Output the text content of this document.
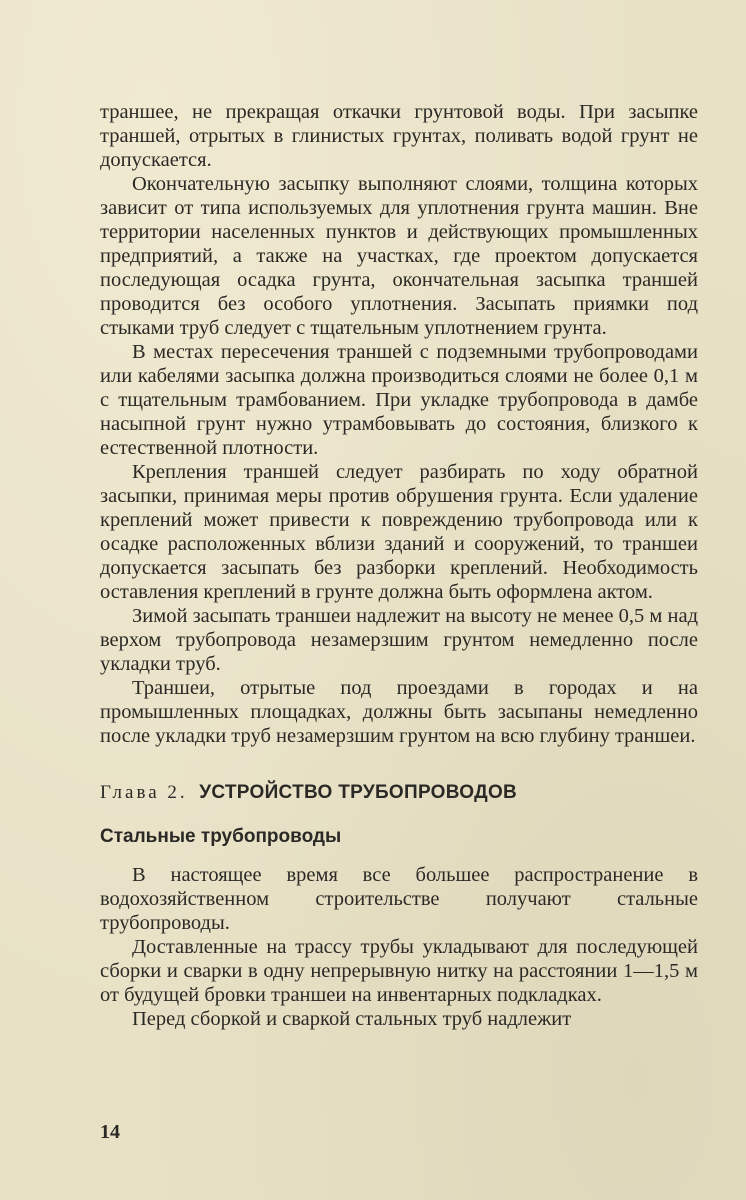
траншее, не прекращая откачки грунтовой воды. При засыпке траншей, отрытых в глинистых грунтах, поливать водой грунт не допускается.

Окончательную засыпку выполняют слоями, толщина которых зависит от типа используемых для уплотнения грунта машин. Вне территории населенных пунктов и действующих промышленных предприятий, а также на участках, где проектом допускается последующая осадка грунта, окончательная засыпка траншей проводится без особого уплотнения. Засыпать приямки под стыками труб следует с тщательным уплотнением грунта.

В местах пересечения траншей с подземными трубопроводами или кабелями засыпка должна производиться слоями не более 0,1 м с тщательным трамбованием. При укладке трубопровода в дамбе насыпной грунт нужно утрамбовывать до состояния, близкого к естественной плотности.

Крепления траншей следует разбирать по ходу обратной засыпки, принимая меры против обрушения грунта. Если удаление креплений может привести к повреждению трубопровода или к осадке расположенных вблизи зданий и сооружений, то траншеи допускается засыпать без разборки креплений. Необходимость оставления креплений в грунте должна быть оформлена актом.

Зимой засыпать траншеи надлежит на высоту не менее 0,5 м над верхом трубопровода незамерзшим грунтом немедленно после укладки труб.

Траншеи, отрытые под проездами в городах и на промышленных площадках, должны быть засыпаны немедленно после укладки труб незамерзшим грунтом на всю глубину траншеи.

Глава 2. УСТРОЙСТВО ТРУБОПРОВОДОВ
Стальные трубопроводы

В настоящее время все большее распространение в водохозяйственном строительстве получают стальные трубопроводы.

Доставленные на трассу трубы укладывают для последующей сборки и сварки в одну непрерывную нитку на расстоянии 1—1,5 м от будущей бровки траншеи на инвентарных подкладках.

Перед сборкой и сваркой стальных труб надлежит

14
